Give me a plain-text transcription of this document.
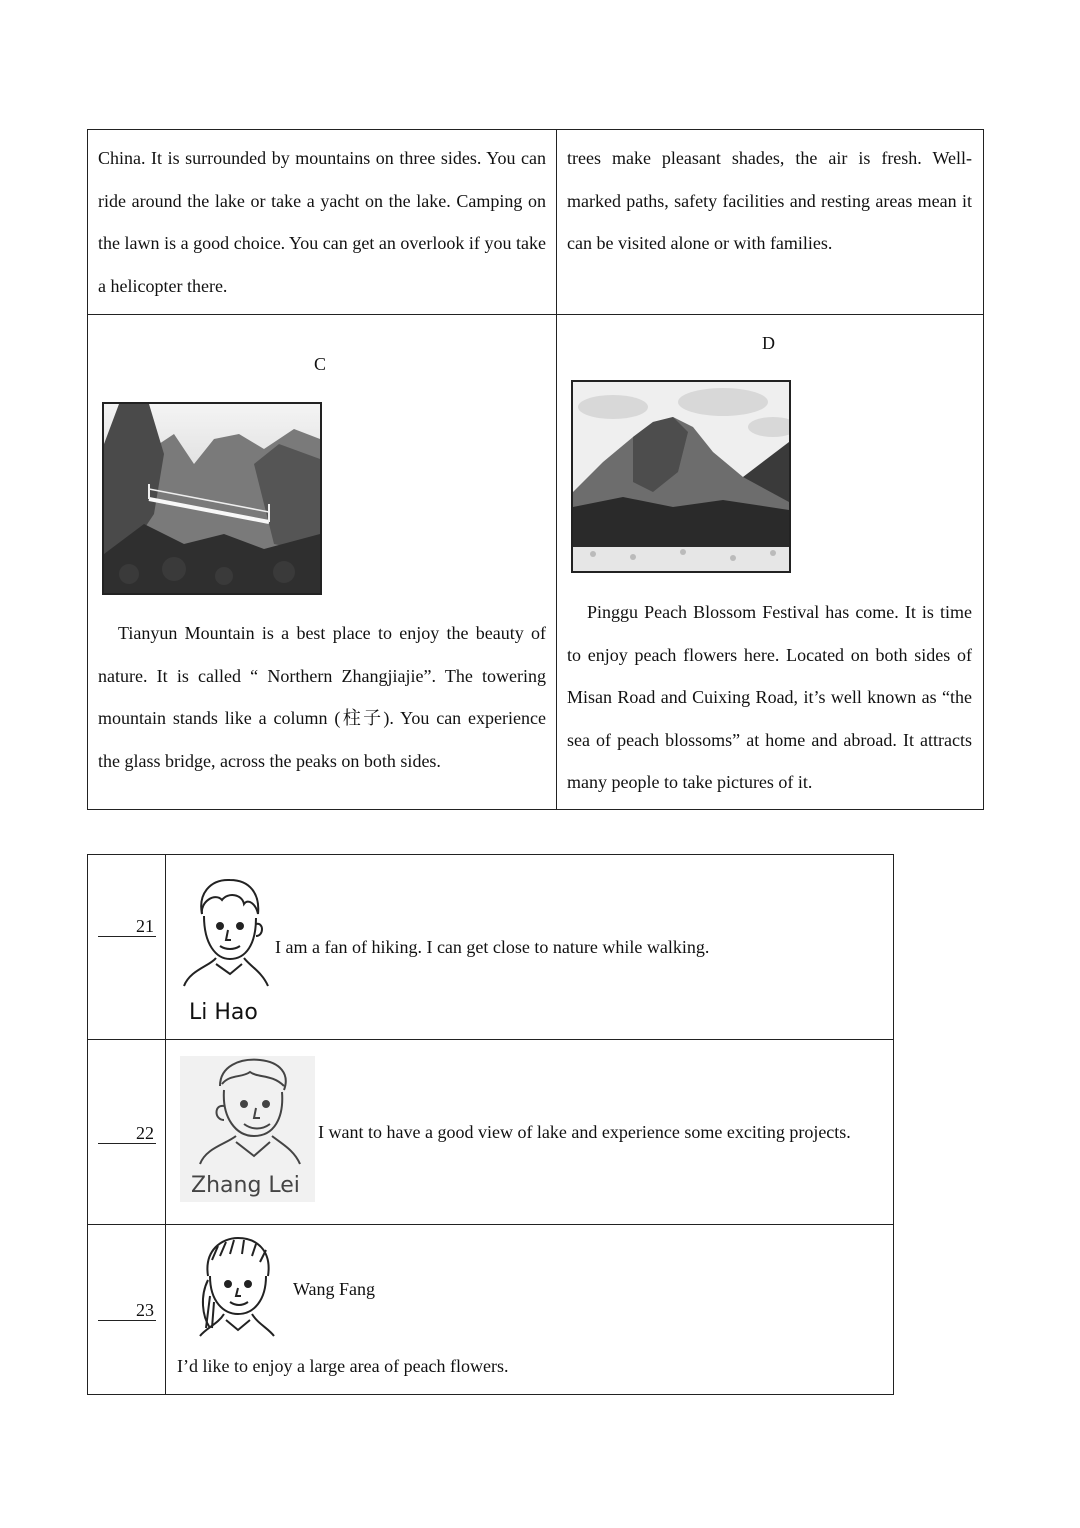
China. It is surrounded by mountains on three sides. You can ride around the lake or take a yacht on the lake. Camping on the lawn is a good choice. You can get an overlook if you take a helicopter there.
trees make pleasant shades, the air is fresh. Well-marked paths, safety facilities and resting areas mean it can be visited alone or with families.
C
Tianyun Mountain is a best place to enjoy the beauty of nature. It is called “ Northern Zhangjiajie”. The towering mountain stands like a column (柱子). You can experience the glass bridge, across the peaks on both sides.
D
Pinggu Peach Blossom Festival has come. It is time to enjoy peach flowers here. Located on both sides of Misan Road and Cuixing Road, it’s well known as “the sea of peach blossoms” at home and abroad. It attracts many people to take pictures of it.
21
Li Hao
I am a fan of hiking. I can get close to nature while walking.
22
Zhang Lei
I want to have a good view of lake and experience some exciting projects.
23
Wang Fang
I’d like to enjoy a large area of peach flowers.
